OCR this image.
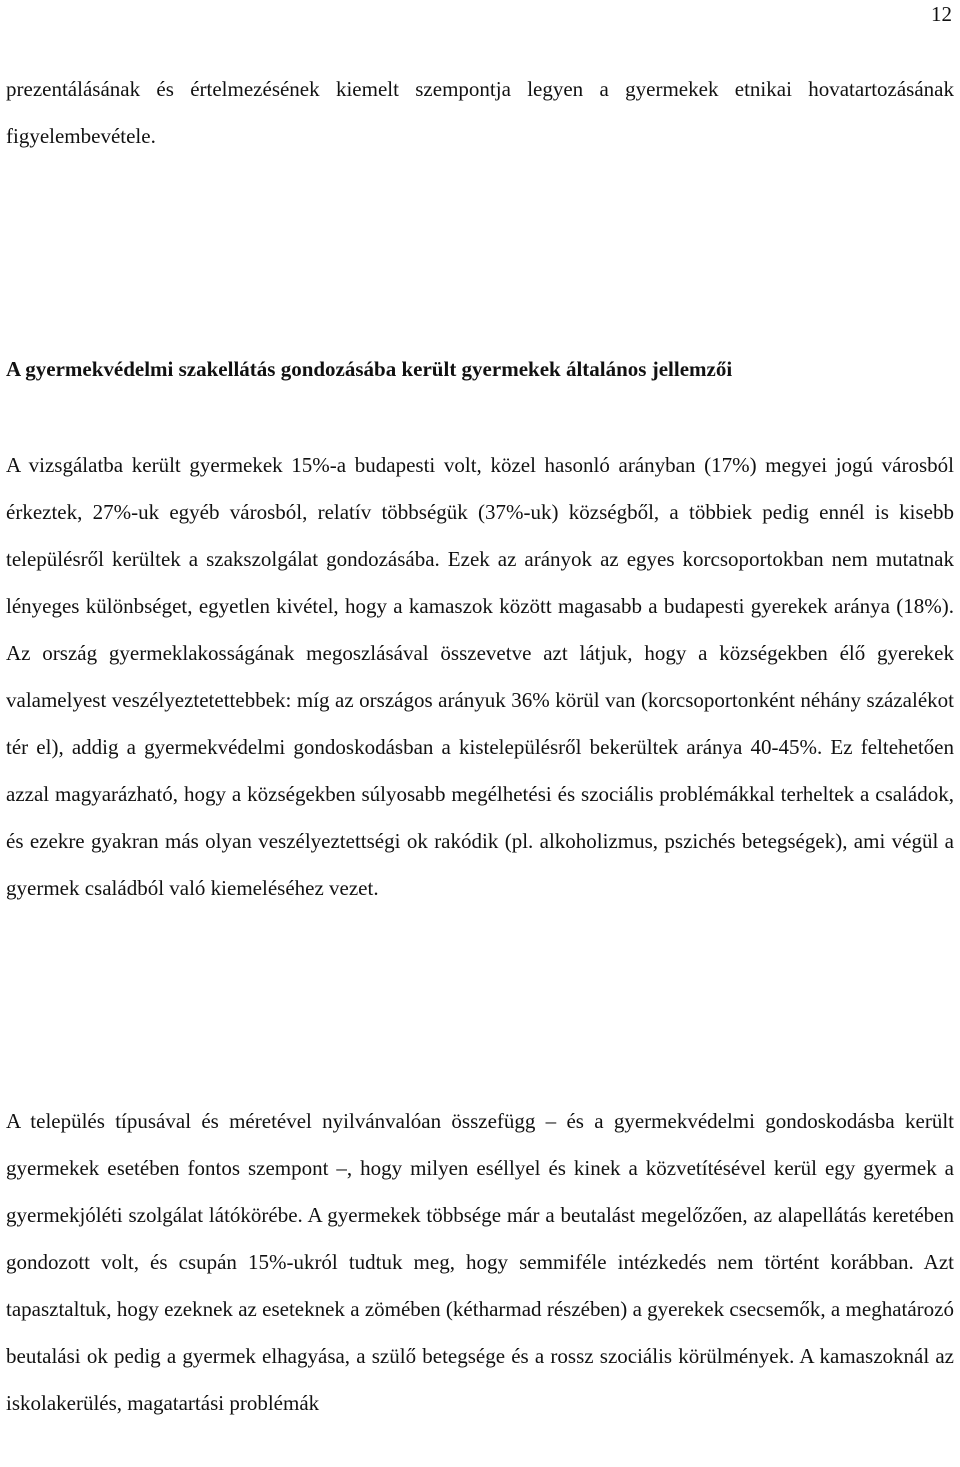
12

prezentálásának és értelmezésének kiemelt szempontja legyen a gyermekek etnikai hovatartozásának figyelembevétele.

A gyermekvédelmi szakellátás gondozásába került gyermekek általános jellemzői

A vizsgálatba került gyermekek 15%-a budapesti volt, közel hasonló arányban (17%) megyei jogú városból érkeztek, 27%-uk egyéb városból, relatív többségük (37%-uk) községből, a többiek pedig ennél is kisebb településről kerültek a szakszolgálat gondozásába. Ezek az arányok az egyes korcsoportokban nem mutatnak lényeges különbséget, egyetlen kivétel, hogy a kamaszok között magasabb a budapesti gyerekek aránya (18%). Az ország gyermeklakosságának megoszlásával összevetve azt látjuk, hogy a községekben élő gyerekek valamelyest veszélyeztetettebbek: míg az országos arányuk 36% körül van (korcsoportonként néhány százalékot tér el), addig a gyermekvédelmi gondoskodásban a kistelepülésről bekerültek aránya 40-45%. Ez feltehetően azzal magyarázható, hogy a községekben súlyosabb megélhetési és szociális problémákkal terheltek a családok, és ezekre gyakran más olyan veszélyeztettségi ok rakódik (pl. alkoholizmus, pszichés betegségek), ami végül a gyermek családból való kiemeléséhez vezet.

A település típusával és méretével nyilvánvalóan összefügg – és a gyermekvédelmi gondoskodásba került gyermekek esetében fontos szempont –, hogy milyen eséllyel és kinek a közvetítésével kerül egy gyermek a gyermekjóléti szolgálat látókörébe. A gyermekek többsége már a beutalást megelőzően, az alapellátás keretében gondozott volt, és csupán 15%-ukról tudtuk meg, hogy semmiféle intézkedés nem történt korábban. Azt tapasztaltuk, hogy ezeknek az eseteknek a zömében (kétharmad részében) a gyerekek csecsemők, a meghatározó beutalási ok pedig a gyermek elhagyása, a szülő betegsége és a rossz szociális körülmények. A kamaszoknál az iskolakerülés, magatartási problémák
